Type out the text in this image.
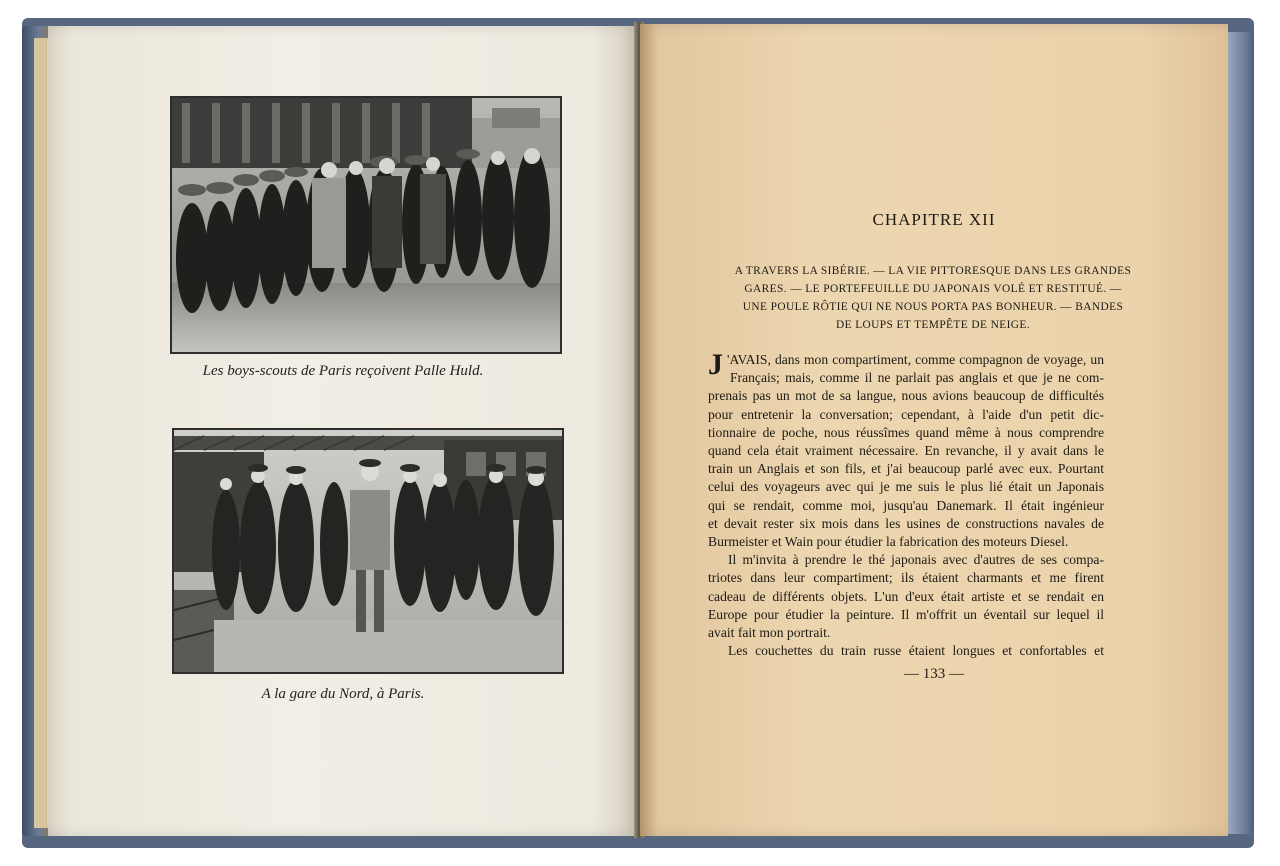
Les boys-scouts de Paris reçoivent Palle Huld.
A la gare du Nord, à Paris.
CHAPITRE XII
A TRAVERS LA SIBÉRIE. — LA VIE PITTORESQUE DANS LES GRANDES
GARES. — LE PORTEFEUILLE DU JAPONAIS VOLÉ ET RESTITUÉ. —
UNE POULE RÔTIE QUI NE NOUS PORTA PAS BONHEUR. — BANDES
DE LOUPS ET TEMPÊTE DE NEIGE.
J 'AVAIS, dans mon compartiment, comme compagnon de voyage, un
Français; mais, comme il ne parlait pas anglais et que je ne com-
prenais pas un mot de sa langue, nous avions beaucoup de difficultés
pour entretenir la conversation; cependant, à l'aide d'un petit dic-
tionnaire de poche, nous réussîmes quand même à nous comprendre
quand cela était vraiment nécessaire. En revanche, il y avait dans le
train un Anglais et son fils, et j'ai beaucoup parlé avec eux. Pourtant
celui des voyageurs avec qui je me suis le plus lié était un Japonais
qui se rendait, comme moi, jusqu'au Danemark. Il était ingénieur
et devait rester six mois dans les usines de constructions navales de
Burmeister et Wain pour étudier la fabrication des moteurs Diesel.
Il m'invita à prendre le thé japonais avec d'autres de ses compa-
triotes dans leur compartiment; ils étaient charmants et me firent
cadeau de différents objets. L'un d'eux était artiste et se rendait en
Europe pour étudier la peinture. Il m'offrit un éventail sur lequel il
avait fait mon portrait.
Les couchettes du train russe étaient longues et confortables et
— 133 —
